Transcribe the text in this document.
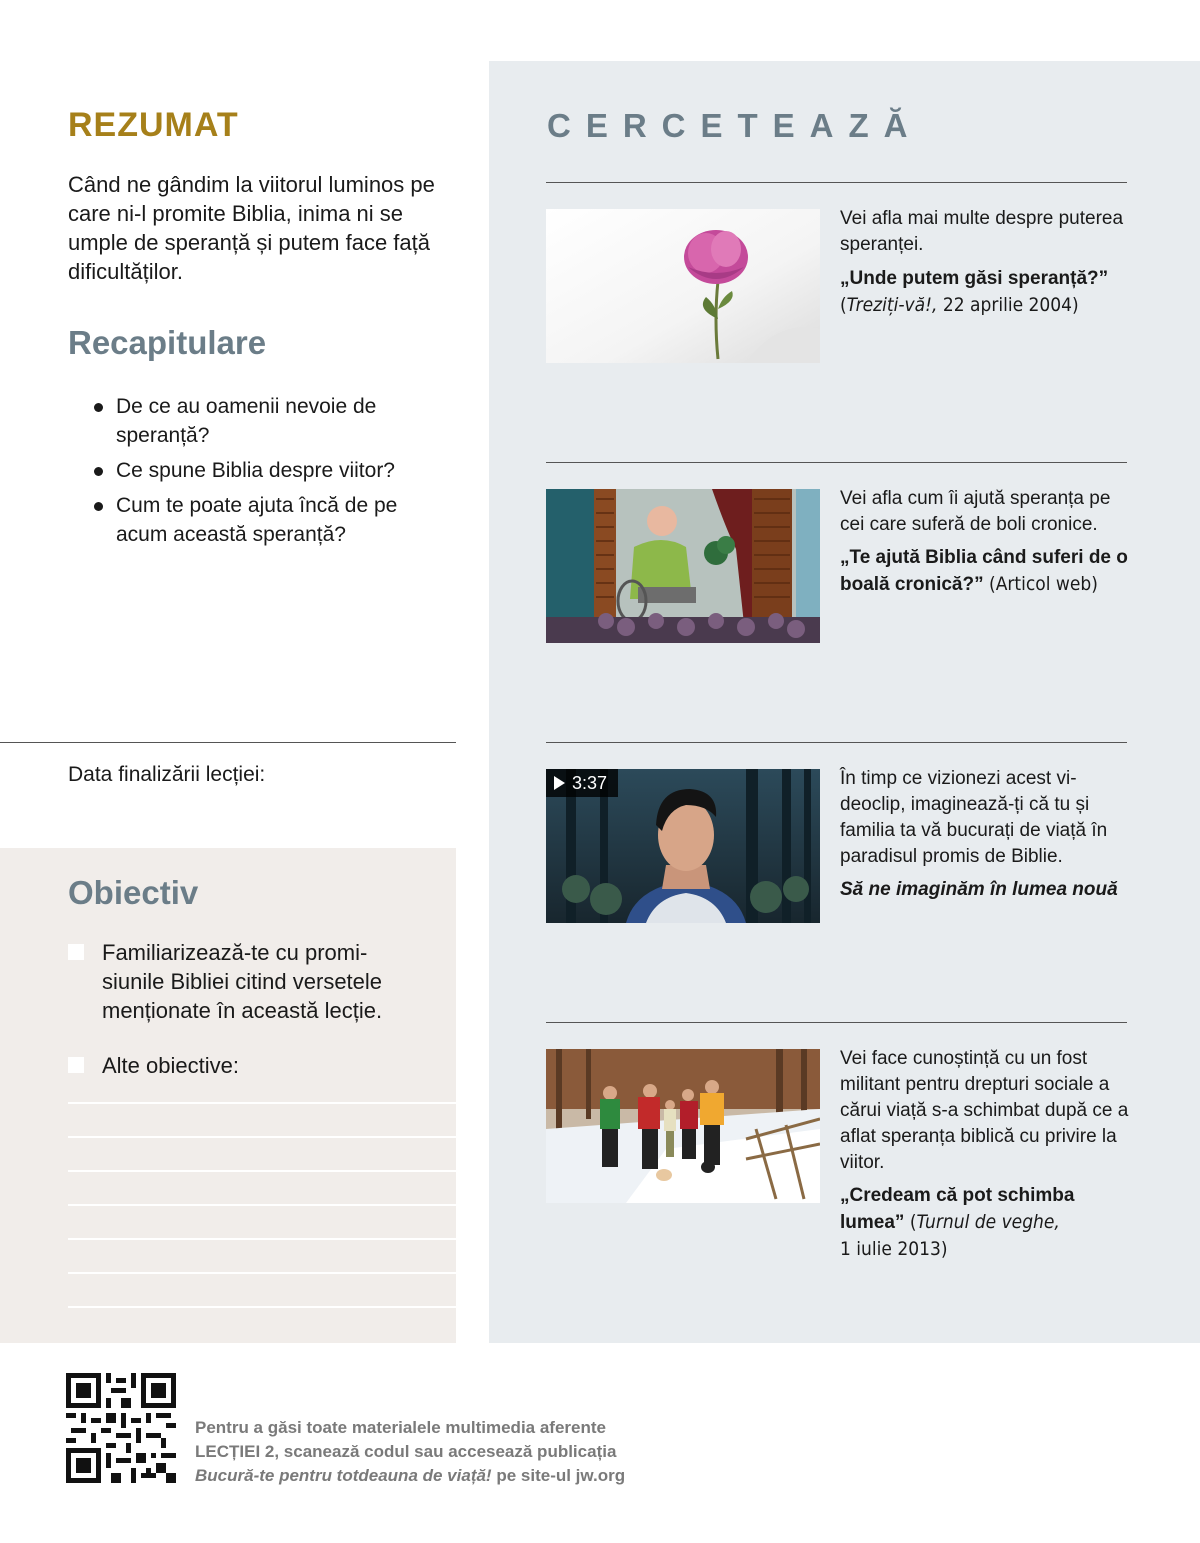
REZUMAT

Când ne gândim la viitorul luminos pe care ni-l promite Biblia, inima ni se umple de speranță și putem face față dificultăților.

Recapitulare
De ce au oamenii nevoie de speranță?
Ce spune Biblia despre viitor?
Cum te poate ajuta încă de pe acum această speranță?
Data finalizării lecției:
Obiectiv
Familiarizează-te cu promi-siunile Bibliei citind versetele menționate în această lecție.
Alte obiective:
CERCETEAZĂ
Vei afla mai multe despre puterea speranței.
„Unde putem găsi speranță?” (Treziți-vă!, 22 aprilie 2004)
Vei afla cum îi ajută speranța pe cei care suferă de boli cronice.
„Te ajută Biblia când suferi de o boală cronică?” (Articol web)
3:37	În timp ce vizionezi acest vi-deoclip, imaginează-ți că tu și familia ta vă bucurați de viață în paradisul promis de Biblie.
Să ne imaginăm în lumea nouă
Vei face cunoștință cu un fost militant pentru drepturi sociale a cărui viață s-a schimbat după ce a aflat speranța biblică cu privire la viitor.
„Credeam că pot schimba lumea” (Turnul de veghe,
1 iulie 2013)
Pentru a găsi toate materialele multimedia aferente
LECȚIEI 2, scanează codul sau accesează publicația
Bucură-te pentru totdeauna de viață! pe site-ul jw.org
